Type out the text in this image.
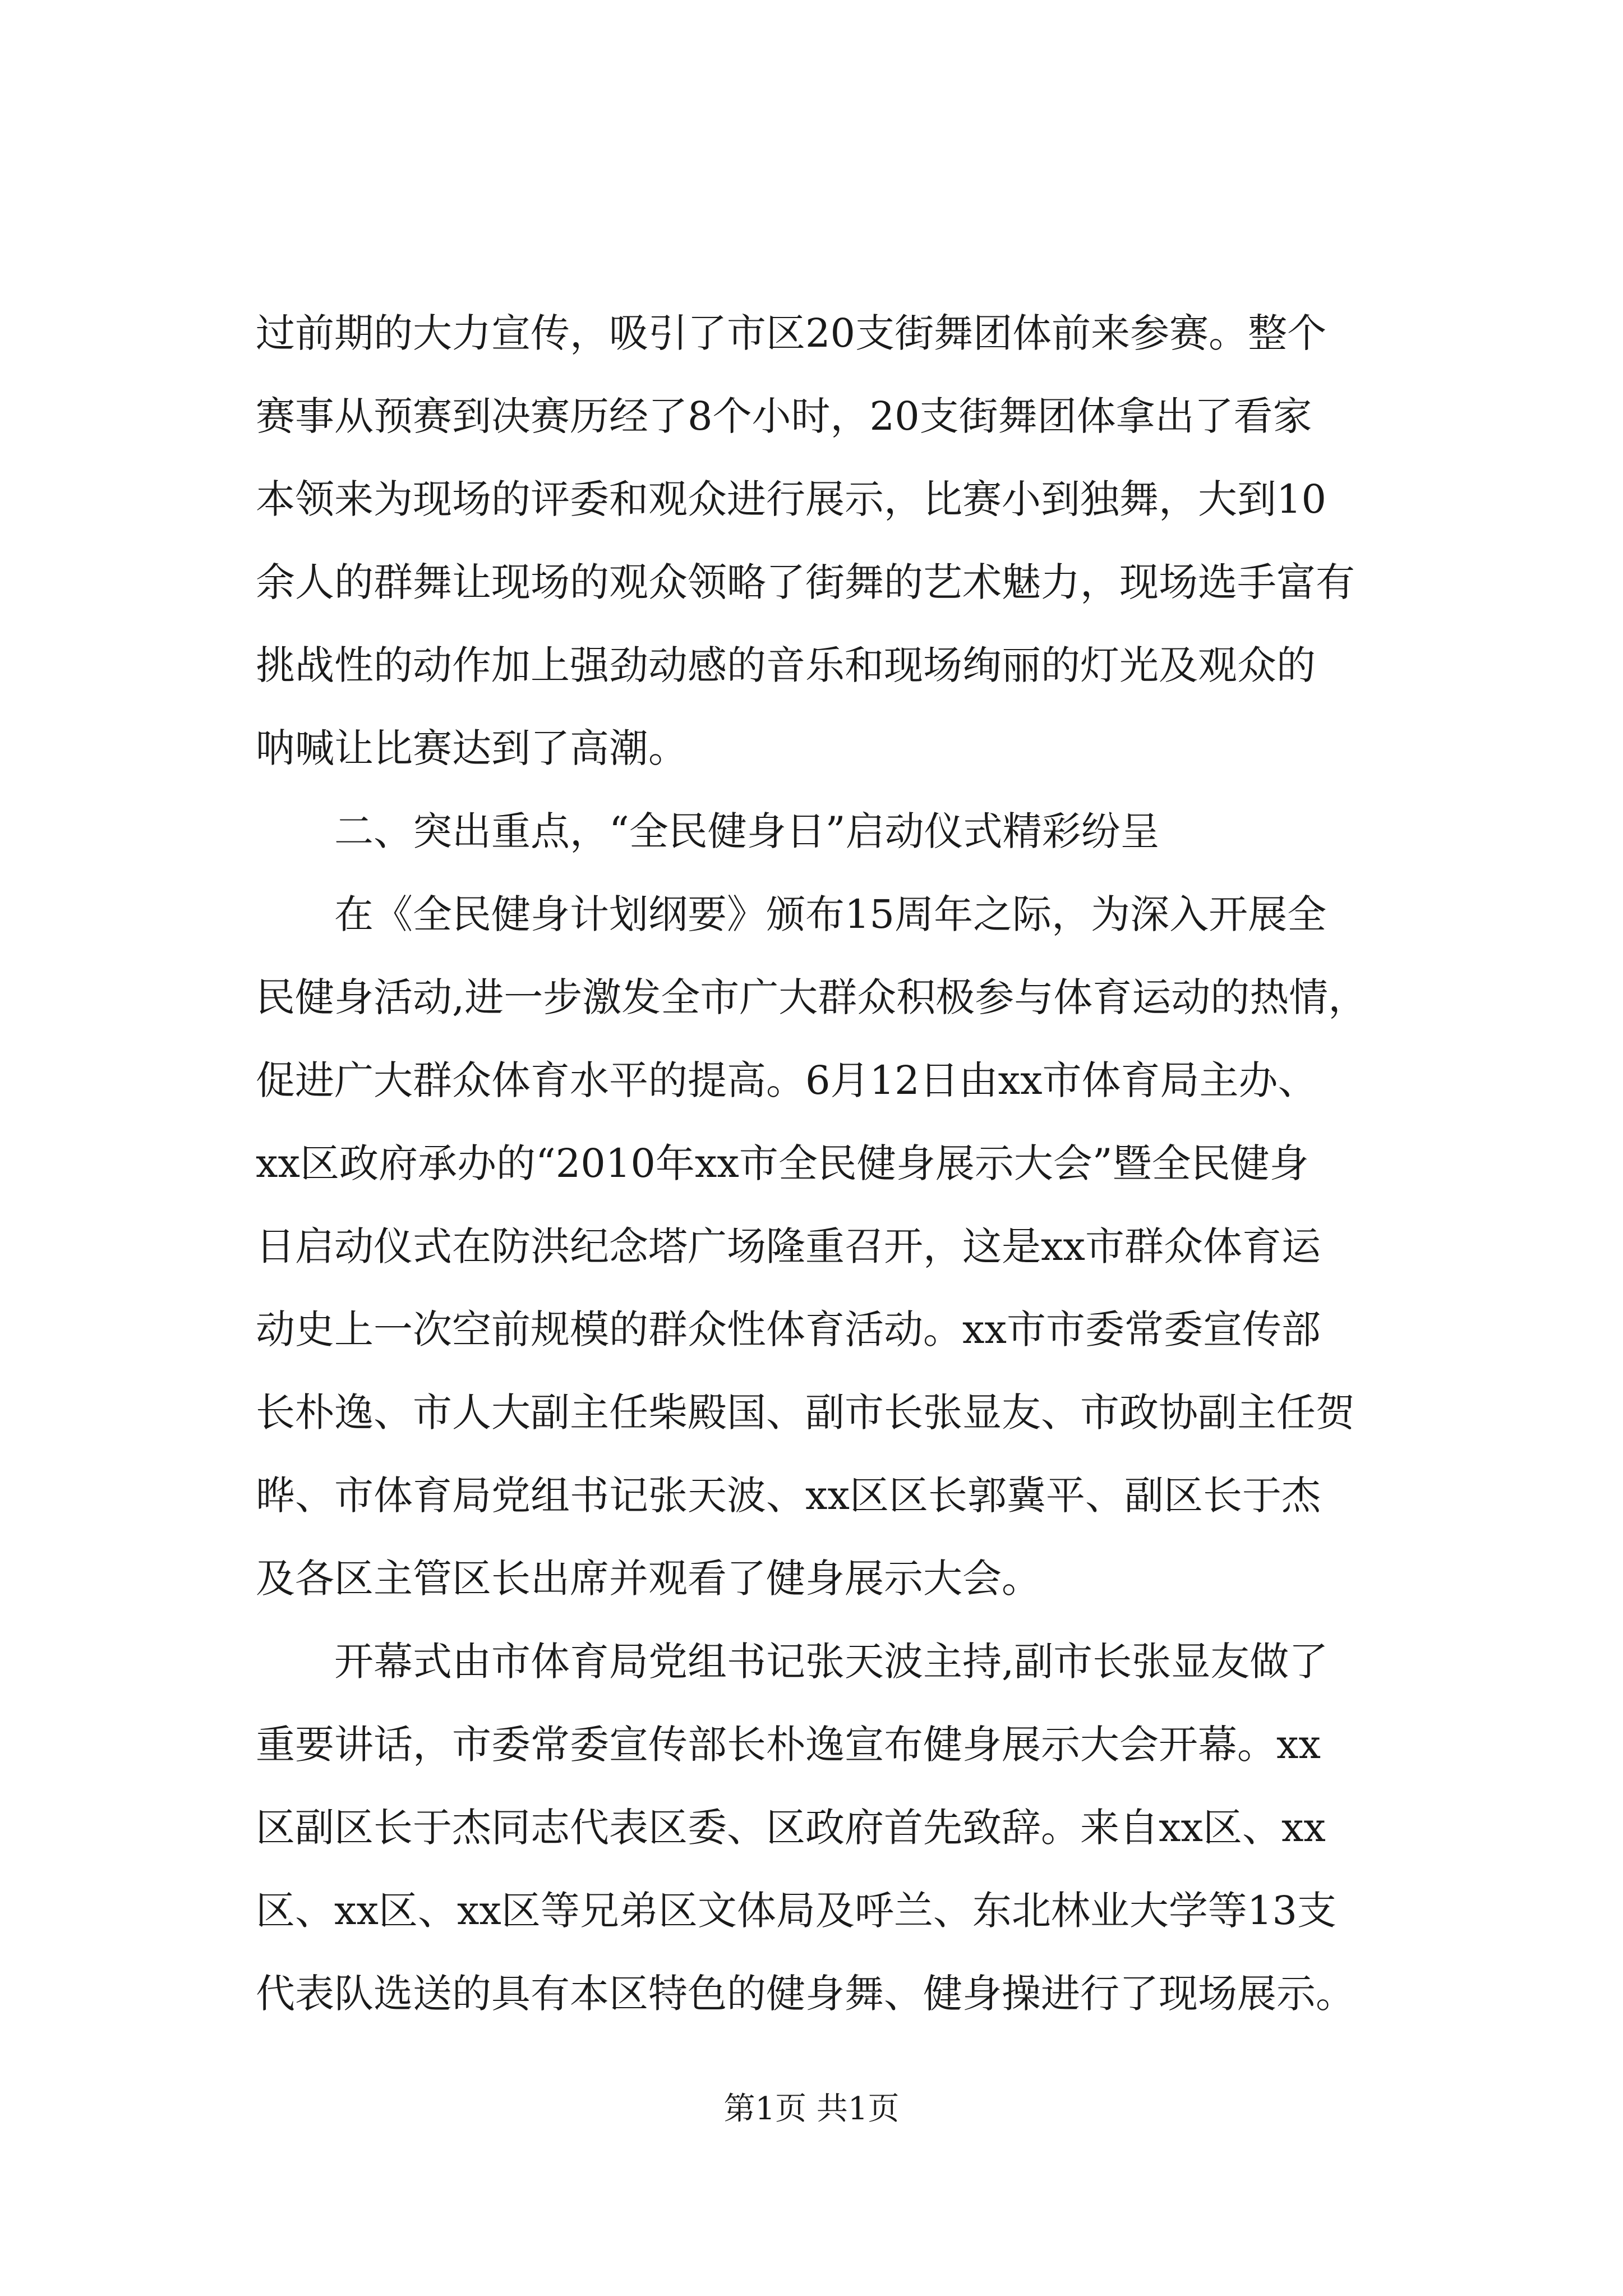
过前期的大力宣传，吸引了市区20支街舞团体前来参赛。整个
赛事从预赛到决赛历经了8个小时，20支街舞团体拿出了看家
本领来为现场的评委和观众进行展示，比赛小到独舞，大到10
余人的群舞让现场的观众领略了街舞的艺术魅力，现场选手富有
挑战性的动作加上强劲动感的音乐和现场绚丽的灯光及观众的
呐喊让比赛达到了高潮。
二、突出重点，“全民健身日”启动仪式精彩纷呈
在《全民健身计划纲要》颁布15周年之际，为深入开展全
民健身活动,进一步激发全市广大群众积极参与体育运动的热情，
促进广大群众体育水平的提高。6月12日由xx市体育局主办、
xx区政府承办的“2010年xx市全民健身展示大会”暨全民健身
日启动仪式在防洪纪念塔广场隆重召开，这是xx市群众体育运
动史上一次空前规模的群众性体育活动。xx市市委常委宣传部
长朴逸、市人大副主任柴殿国、副市长张显友、市政协副主任贺
晔、市体育局党组书记张天波、xx区区长郭冀平、副区长于杰
及各区主管区长出席并观看了健身展示大会。
开幕式由市体育局党组书记张天波主持,副市长张显友做了
重要讲话，市委常委宣传部长朴逸宣布健身展示大会开幕。xx
区副区长于杰同志代表区委、区政府首先致辞。来自xx区、xx
区、xx区、xx区等兄弟区文体局及呼兰、东北林业大学等13支
代表队选送的具有本区特色的健身舞、健身操进行了现场展示。
第1页 共1页
